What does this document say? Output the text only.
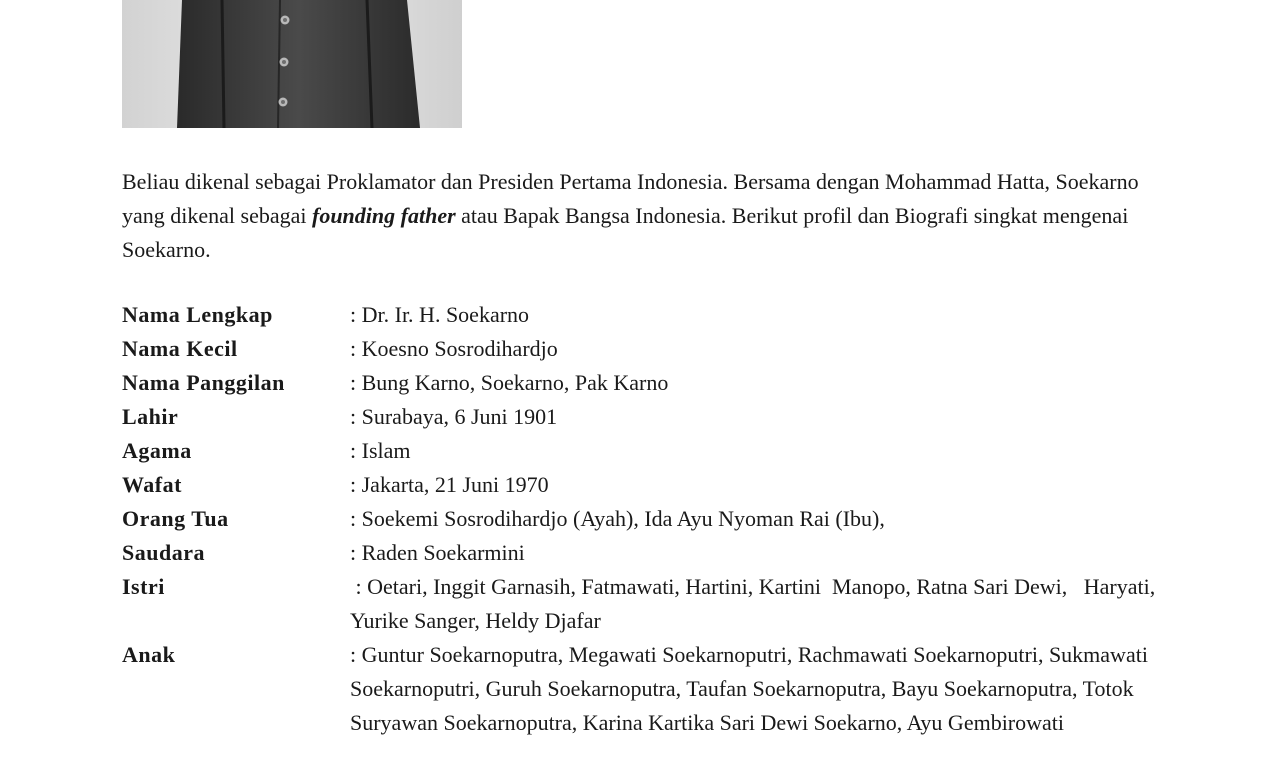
Beliau dikenal sebagai Proklamator dan Presiden Pertama Indonesia. Bersama dengan Mohammad Hatta, Soekarno yang dikenal sebagai founding father atau Bapak Bangsa Indonesia. Berikut profil dan Biografi singkat mengenai Soekarno.

Nama Lengkap	: Dr. Ir. H. Soekarno
Nama Kecil	: Koesno Sosrodihardjo
Nama Panggilan	: Bung Karno, Soekarno, Pak Karno
Lahir	: Surabaya, 6 Juni 1901
Agama	: Islam
Wafat	: Jakarta, 21 Juni 1970
Orang Tua	: Soekemi Sosrodihardjo (Ayah), Ida Ayu Nyoman Rai (Ibu),
Saudara	: Raden Soekarmini
Istri	: Oetari, Inggit Garnasih, Fatmawati, Hartini, Kartini  Manopo, Ratna Sari Dewi,   Haryati, Yurike Sanger, Heldy Djafar
Anak	: Guntur Soekarnoputra, Megawati Soekarnoputri, Rachmawati Soekarnoputri, Sukmawati Soekarnoputri, Guruh Soekarnoputra, Taufan Soekarnoputra, Bayu Soekarnoputra, Totok Suryawan Soekarnoputra, Karina Kartika Sari Dewi Soekarno, Ayu Gembirowati
